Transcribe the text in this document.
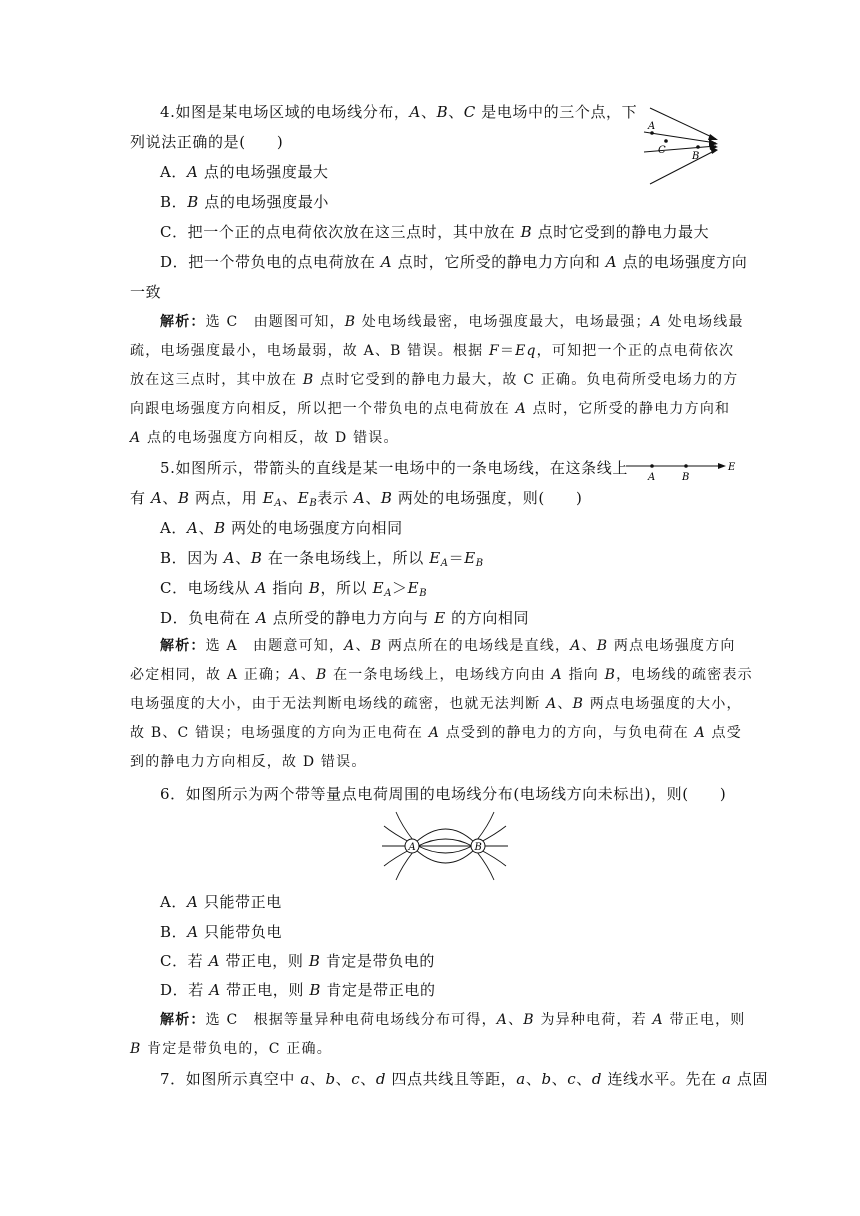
4.如图是某电场区域的电场线分布，A、B、C 是电场中的三个点，下
列说法正确的是(　　)
A
C
B
A．A 点的电场强度最大
B．B 点的电场强度最小
C．把一个正的点电荷依次放在这三点时，其中放在 B 点时它受到的静电力最大
D．把一个带负电的点电荷放在 A 点时，它所受的静电力方向和 A 点的电场强度方向
一致
解析：选 C　由题图可知，B 处电场线最密，电场强度最大，电场最强；A 处电场线最
疏，电场强度最小，电场最弱，故 A、B 错误。根据 F＝Eq，可知把一个正的点电荷依次
放在这三点时，其中放在 B 点时它受到的静电力最大，故 C 正确。负电荷所受电场力的方
向跟电场强度方向相反，所以把一个带负电的点电荷放在 A 点时，它所受的静电力方向和
A 点的电场强度方向相反，故 D 错误。
5.如图所示，带箭头的直线是某一电场中的一条电场线，在这条线上
有 A、B 两点，用 $E_A$、$E_B$表示 A、B 两处的电场强度，则(　　)
A	B
E
A．A、B 两处的电场强度方向相同
B．因为 A、B 在一条电场线上，所以 $E_A=E_B$
C．电场线从 A 指向 B，所以 $E_A>E_B$
D．负电荷在 A 点所受的静电力方向与 E 的方向相同
解析：选 A　由题意可知，A、B 两点所在的电场线是直线，A、B 两点电场强度方向
必定相同，故 A 正确；A、B 在一条电场线上，电场线方向由 A 指向 B，电场线的疏密表示
电场强度的大小，由于无法判断电场线的疏密，也就无法判断 A、B 两点电场强度的大小，
故 B、C 错误；电场强度的方向为正电荷在 A 点受到的静电力的方向，与负电荷在 A 点受
到的静电力方向相反，故 D 错误。
6．如图所示为两个带等量点电荷周围的电场线分布(电场线方向未标出)，则(　　)
A	B
A．A 只能带正电
B．A 只能带负电
C．若 A 带正电，则 B 肯定是带负电的
D．若 A 带正电，则 B 肯定是带正电的
解析：选 C　根据等量异种电荷电场线分布可得，A、B 为异种电荷，若 A 带正电，则
B 肯定是带负电的，C 正确。
7．如图所示真空中 a、b、c、d 四点共线且等距，a、b、c、d 连线水平。先在 a 点固
